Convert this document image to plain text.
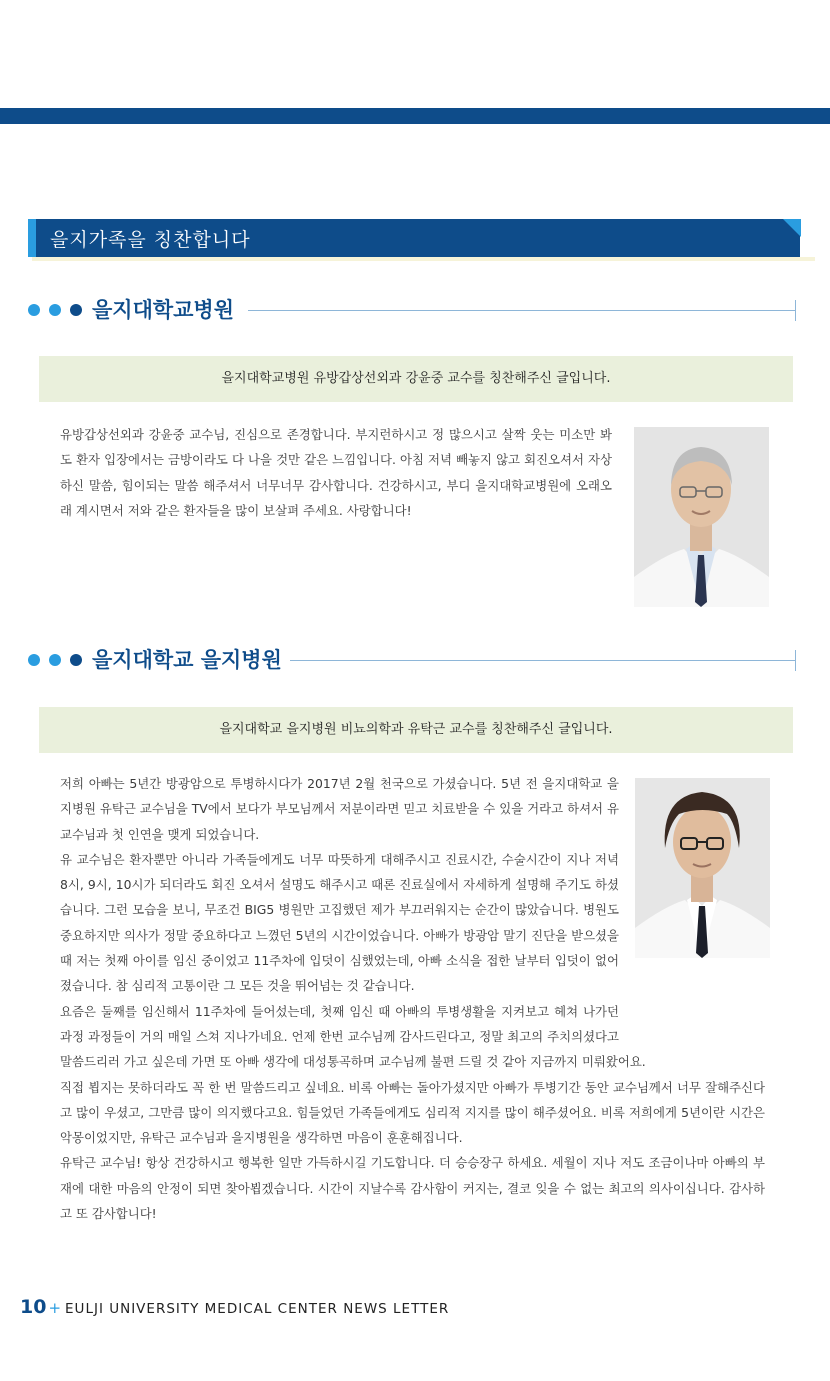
을지가족을 칭찬합니다
을지대학교병원
을지대학교병원 유방갑상선외과 강윤중 교수를 칭찬해주신 글입니다.

유방갑상선외과 강윤중 교수님, 진심으로 존경합니다. 부지런하시고 정 많으시고 살짝 웃는 미소만 봐도 환자 입장에서는 금방이라도 다 나을 것만 같은 느낌입니다. 아침 저녁 빼놓지 않고 회진오셔서 자상하신 말씀, 힘이되는 말씀 해주셔서 너무너무 감사합니다. 건강하시고, 부디 을지대학교병원에 오래오래 계시면서 저와 같은 환자들을 많이 보살펴 주세요. 사랑합니다!

을지대학교 을지병원
을지대학교 을지병원 비뇨의학과 유탁근 교수를 칭찬해주신 글입니다.

저희 아빠는 5년간 방광암으로 투병하시다가 2017년 2월 천국으로 가셨습니다. 5년 전 을지대학교 을지병원 유탁근 교수님을 TV에서 보다가 부모님께서 저분이라면 믿고 치료받을 수 있을 거라고 하셔서 유 교수님과 첫 인연을 맺게 되었습니다.

유 교수님은 환자뿐만 아니라 가족들에게도 너무 따뜻하게 대해주시고 진료시간, 수술시간이 지나 저녁 8시, 9시, 10시가 되더라도 회진 오셔서 설명도 해주시고 때론 진료실에서 자세하게 설명해 주기도 하셨습니다. 그런 모습을 보니, 무조건 BIG5 병원만 고집했던 제가 부끄러워지는 순간이 많았습니다. 병원도 중요하지만 의사가 정말 중요하다고 느꼈던 5년의 시간이었습니다. 아빠가 방광암 말기 진단을 받으셨을 때 저는 첫째 아이를 임신 중이었고 11주차에 입덧이 심했었는데, 아빠 소식을 접한 날부터 입덧이 없어졌습니다. 참 심리적 고통이란 그 모든 것을 뛰어넘는 것 같습니다.

요즘은 둘째를 임신해서 11주차에 들어섰는데, 첫째 임신 때 아빠의 투병생활을 지켜보고 헤쳐 나가던 과정 과정들이 거의 매일 스쳐 지나가네요. 언제 한번 교수님께 감사드린다고, 정말 최고의 주치의셨다고 말씀드리러 가고 싶은데 가면 또 아빠 생각에 대성통곡하며 교수님께 불편 드릴 것 같아 지금까지 미뤄왔어요.

직접 뵙지는 못하더라도 꼭 한 번 말씀드리고 싶네요. 비록 아빠는 돌아가셨지만 아빠가 투병기간 동안 교수님께서 너무 잘해주신다고 많이 우셨고, 그만큼 많이 의지했다고요. 힘들었던 가족들에게도 심리적 지지를 많이 해주셨어요. 비록 저희에게 5년이란 시간은 악몽이었지만, 유탁근 교수님과 을지병원을 생각하면 마음이 훈훈해집니다.

유탁근 교수님! 항상 건강하시고 행복한 일만 가득하시길 기도합니다. 더 승승장구 하세요. 세월이 지나 저도 조금이나마 아빠의 부재에 대한 마음의 안정이 되면 찾아뵙겠습니다. 시간이 지날수록 감사함이 커지는, 결코 잊을 수 없는 최고의 의사이십니다. 감사하고 또 감사합니다!

10 + EULJI UNIVERSITY MEDICAL CENTER NEWS LETTER
